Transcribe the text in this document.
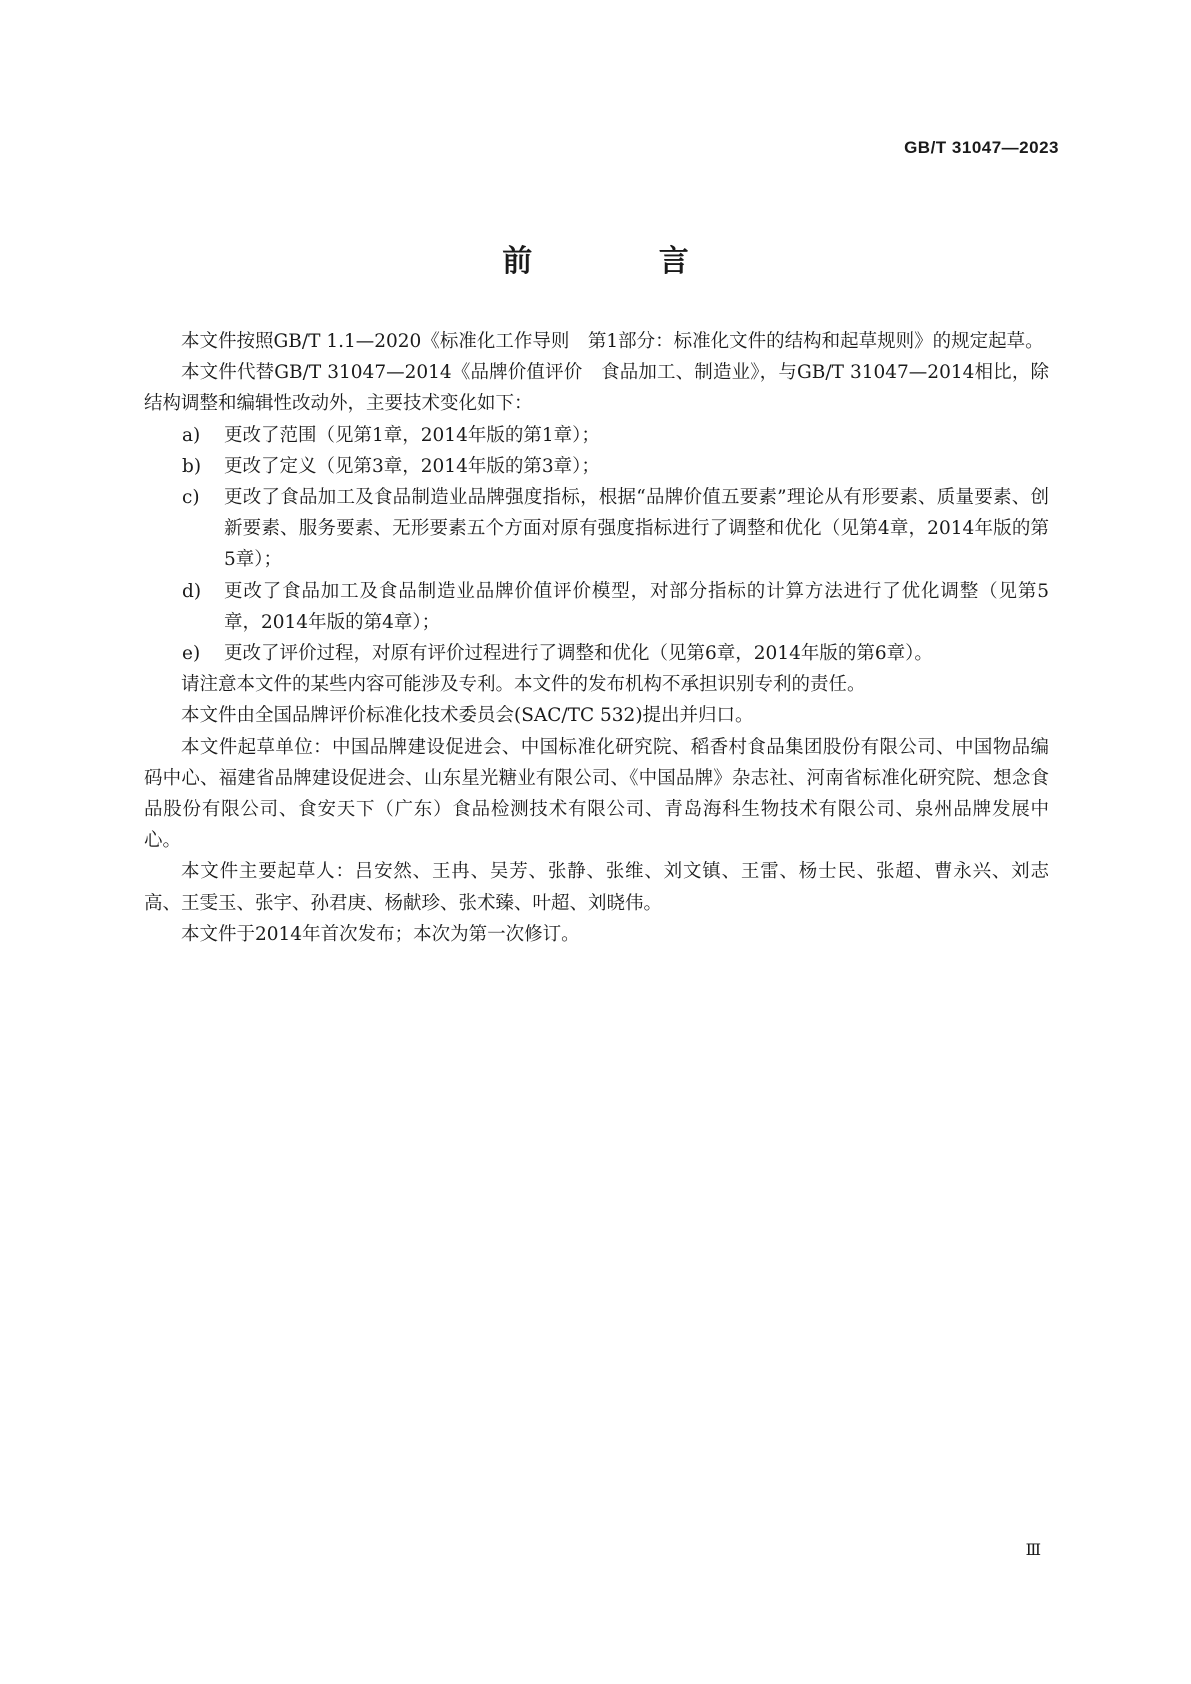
GB/T 31047—2023
前 言

本文件按照GB/T 1.1—2020《标准化工作导则　第1部分：标准化文件的结构和起草规则》的规定起草。

本文件代替GB/T 31047—2014《品牌价值评价　食品加工、制造业》，与GB/T 31047—2014相比，除结构调整和编辑性改动外，主要技术变化如下：

a) 更改了范围（见第1章，2014年版的第1章）；
b) 更改了定义（见第3章，2014年版的第3章）；
c) 更改了食品加工及食品制造业品牌强度指标，根据“品牌价值五要素”理论从有形要素、质量要素、创新要素、服务要素、无形要素五个方面对原有强度指标进行了调整和优化（见第4章，2014年版的第5章）；
d) 更改了食品加工及食品制造业品牌价值评价模型，对部分指标的计算方法进行了优化调整（见第5章，2014年版的第4章）；
e) 更改了评价过程，对原有评价过程进行了调整和优化（见第6章，2014年版的第6章）。

请注意本文件的某些内容可能涉及专利。本文件的发布机构不承担识别专利的责任。

本文件由全国品牌评价标准化技术委员会(SAC/TC 532)提出并归口。

本文件起草单位：中国品牌建设促进会、中国标准化研究院、稻香村食品集团股份有限公司、中国物品编码中心、福建省品牌建设促进会、山东星光糖业有限公司、《中国品牌》杂志社、河南省标准化研究院、想念食品股份有限公司、食安天下（广东）食品检测技术有限公司、青岛海科生物技术有限公司、泉州品牌发展中心。

本文件主要起草人：吕安然、王冉、吴芳、张静、张维、刘文镇、王雷、杨士民、张超、曹永兴、刘志高、王雯玉、张宇、孙君庚、杨献珍、张术臻、叶超、刘晓伟。

本文件于2014年首次发布；本次为第一次修订。

Ⅲ
